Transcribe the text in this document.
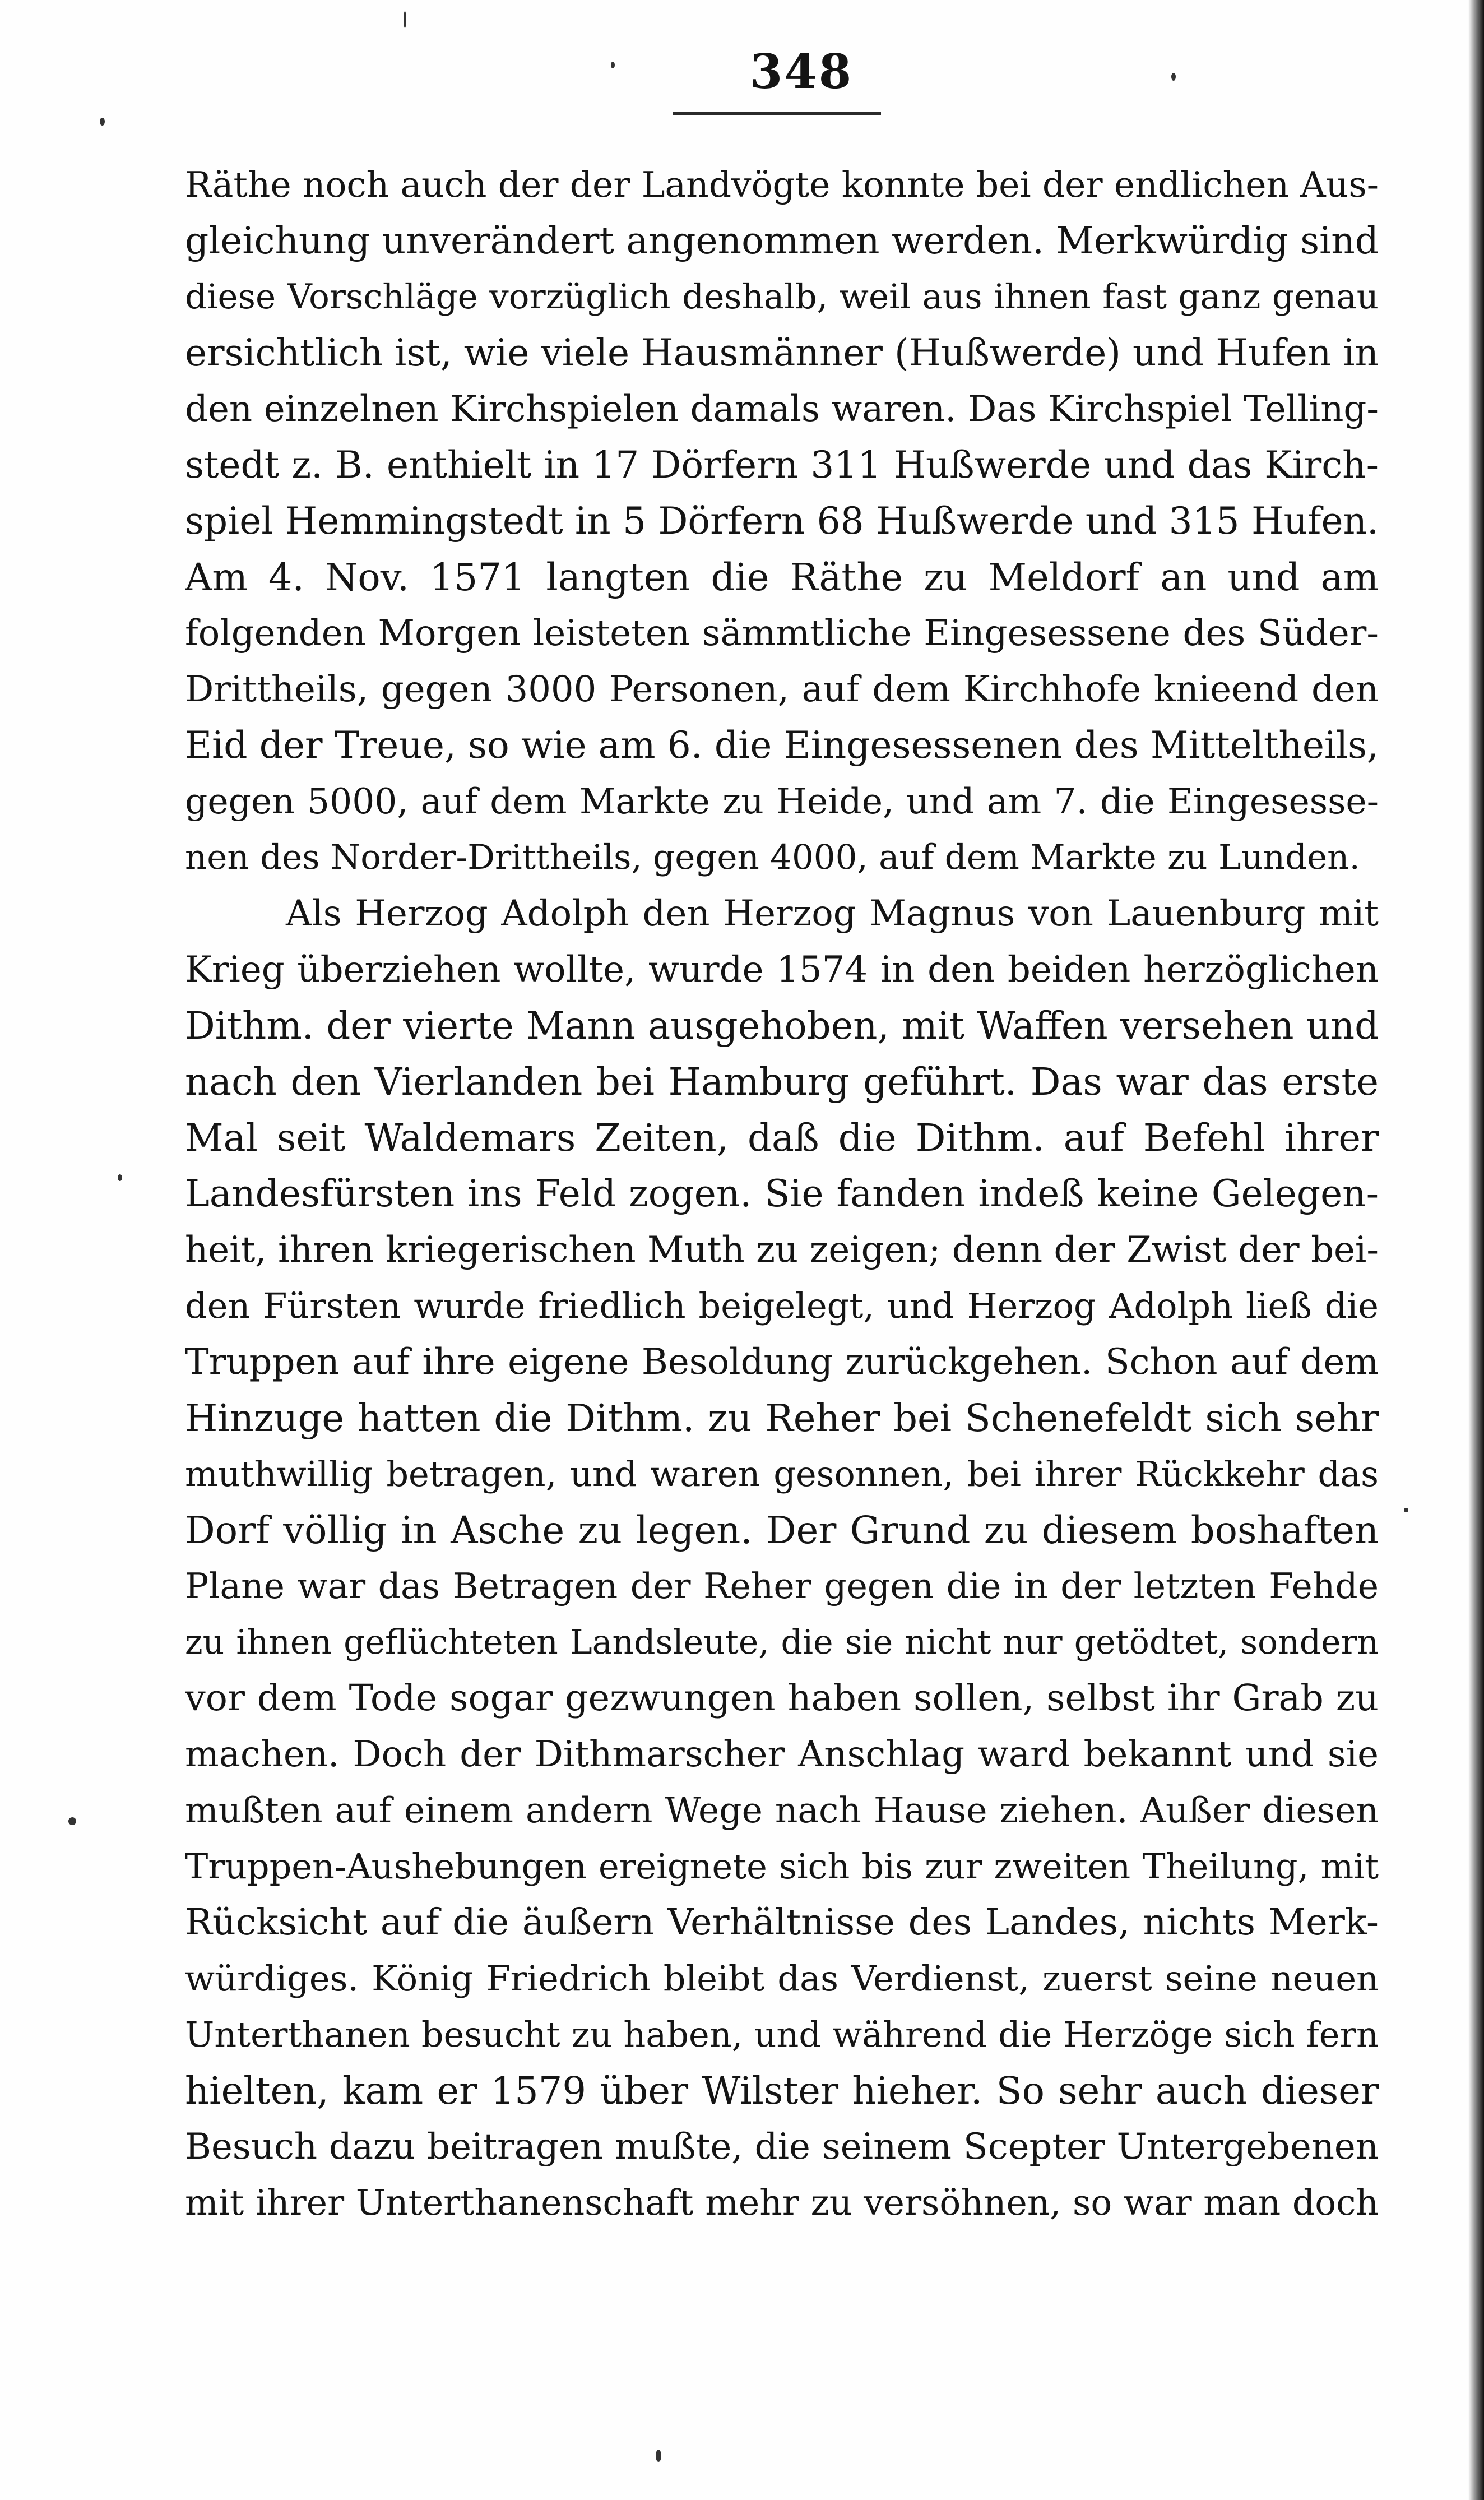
348
Räthe noch auch der der Landvögte konnte bei der endlichen Aus-
gleichung unverändert angenommen werden. Merkwürdig sind
diese Vorschläge vorzüglich deshalb, weil aus ihnen fast ganz genau
ersichtlich ist, wie viele Hausmänner (Hußwerde) und Hufen in
den einzelnen Kirchspielen damals waren. Das Kirchspiel Telling-
stedt z. B. enthielt in 17 Dörfern 311 Hußwerde und das Kirch-
spiel Hemmingstedt in 5 Dörfern 68 Hußwerde und 315 Hufen.
Am 4. Nov. 1571 langten die Räthe zu Meldorf an und am
folgenden Morgen leisteten sämmtliche Eingesessene des Süder-
Drittheils, gegen 3000 Personen, auf dem Kirchhofe knieend den
Eid der Treue, so wie am 6. die Eingesessenen des Mitteltheils,
gegen 5000, auf dem Markte zu Heide, und am 7. die Eingesesse-
nen des Norder-Drittheils, gegen 4000, auf dem Markte zu Lunden.
Als Herzog Adolph den Herzog Magnus von Lauenburg mit
Krieg überziehen wollte, wurde 1574 in den beiden herzöglichen
Dithm. der vierte Mann ausgehoben, mit Waffen versehen und
nach den Vierlanden bei Hamburg geführt. Das war das erste
Mal seit Waldemars Zeiten, daß die Dithm. auf Befehl ihrer
Landesfürsten ins Feld zogen. Sie fanden indeß keine Gelegen-
heit, ihren kriegerischen Muth zu zeigen; denn der Zwist der bei-
den Fürsten wurde friedlich beigelegt, und Herzog Adolph ließ die
Truppen auf ihre eigene Besoldung zurückgehen. Schon auf dem
Hinzuge hatten die Dithm. zu Reher bei Schenefeldt sich sehr
muthwillig betragen, und waren gesonnen, bei ihrer Rückkehr das
Dorf völlig in Asche zu legen. Der Grund zu diesem boshaften
Plane war das Betragen der Reher gegen die in der letzten Fehde
zu ihnen geflüchteten Landsleute, die sie nicht nur getödtet, sondern
vor dem Tode sogar gezwungen haben sollen, selbst ihr Grab zu
machen. Doch der Dithmarscher Anschlag ward bekannt und sie
mußten auf einem andern Wege nach Hause ziehen. Außer diesen
Truppen-Aushebungen ereignete sich bis zur zweiten Theilung, mit
Rücksicht auf die äußern Verhältnisse des Landes, nichts Merk-
würdiges. König Friedrich bleibt das Verdienst, zuerst seine neuen
Unterthanen besucht zu haben, und während die Herzöge sich fern
hielten, kam er 1579 über Wilster hieher. So sehr auch dieser
Besuch dazu beitragen mußte, die seinem Scepter Untergebenen
mit ihrer Unterthanenschaft mehr zu versöhnen, so war man doch
